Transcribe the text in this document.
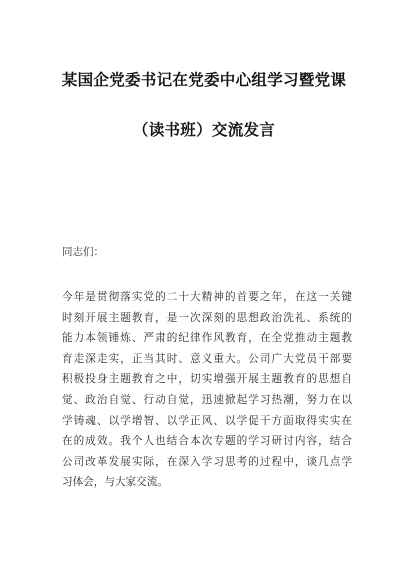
某国企党委书记在党委中心组学习暨党课
（读书班）交流发言
同志们：
今年是贯彻落实党的二十大精神的首要之年，在这一关键
时刻开展主题教育，是一次深刻的思想政治洗礼、系统的
能力本领锤炼、严肃的纪律作风教育，在全党推动主题教
育走深走实，正当其时、意义重大。公司广大党员干部要
积极投身主题教育之中，切实增强开展主题教育的思想自
觉、政治自觉、行动自觉，迅速掀起学习热潮，努力在以
学铸魂、以学增智、以学正风、以学促干方面取得实实在
在的成效。我个人也结合本次专题的学习研讨内容，结合
公司改革发展实际，在深入学习思考的过程中，谈几点学
习体会，与大家交流。
